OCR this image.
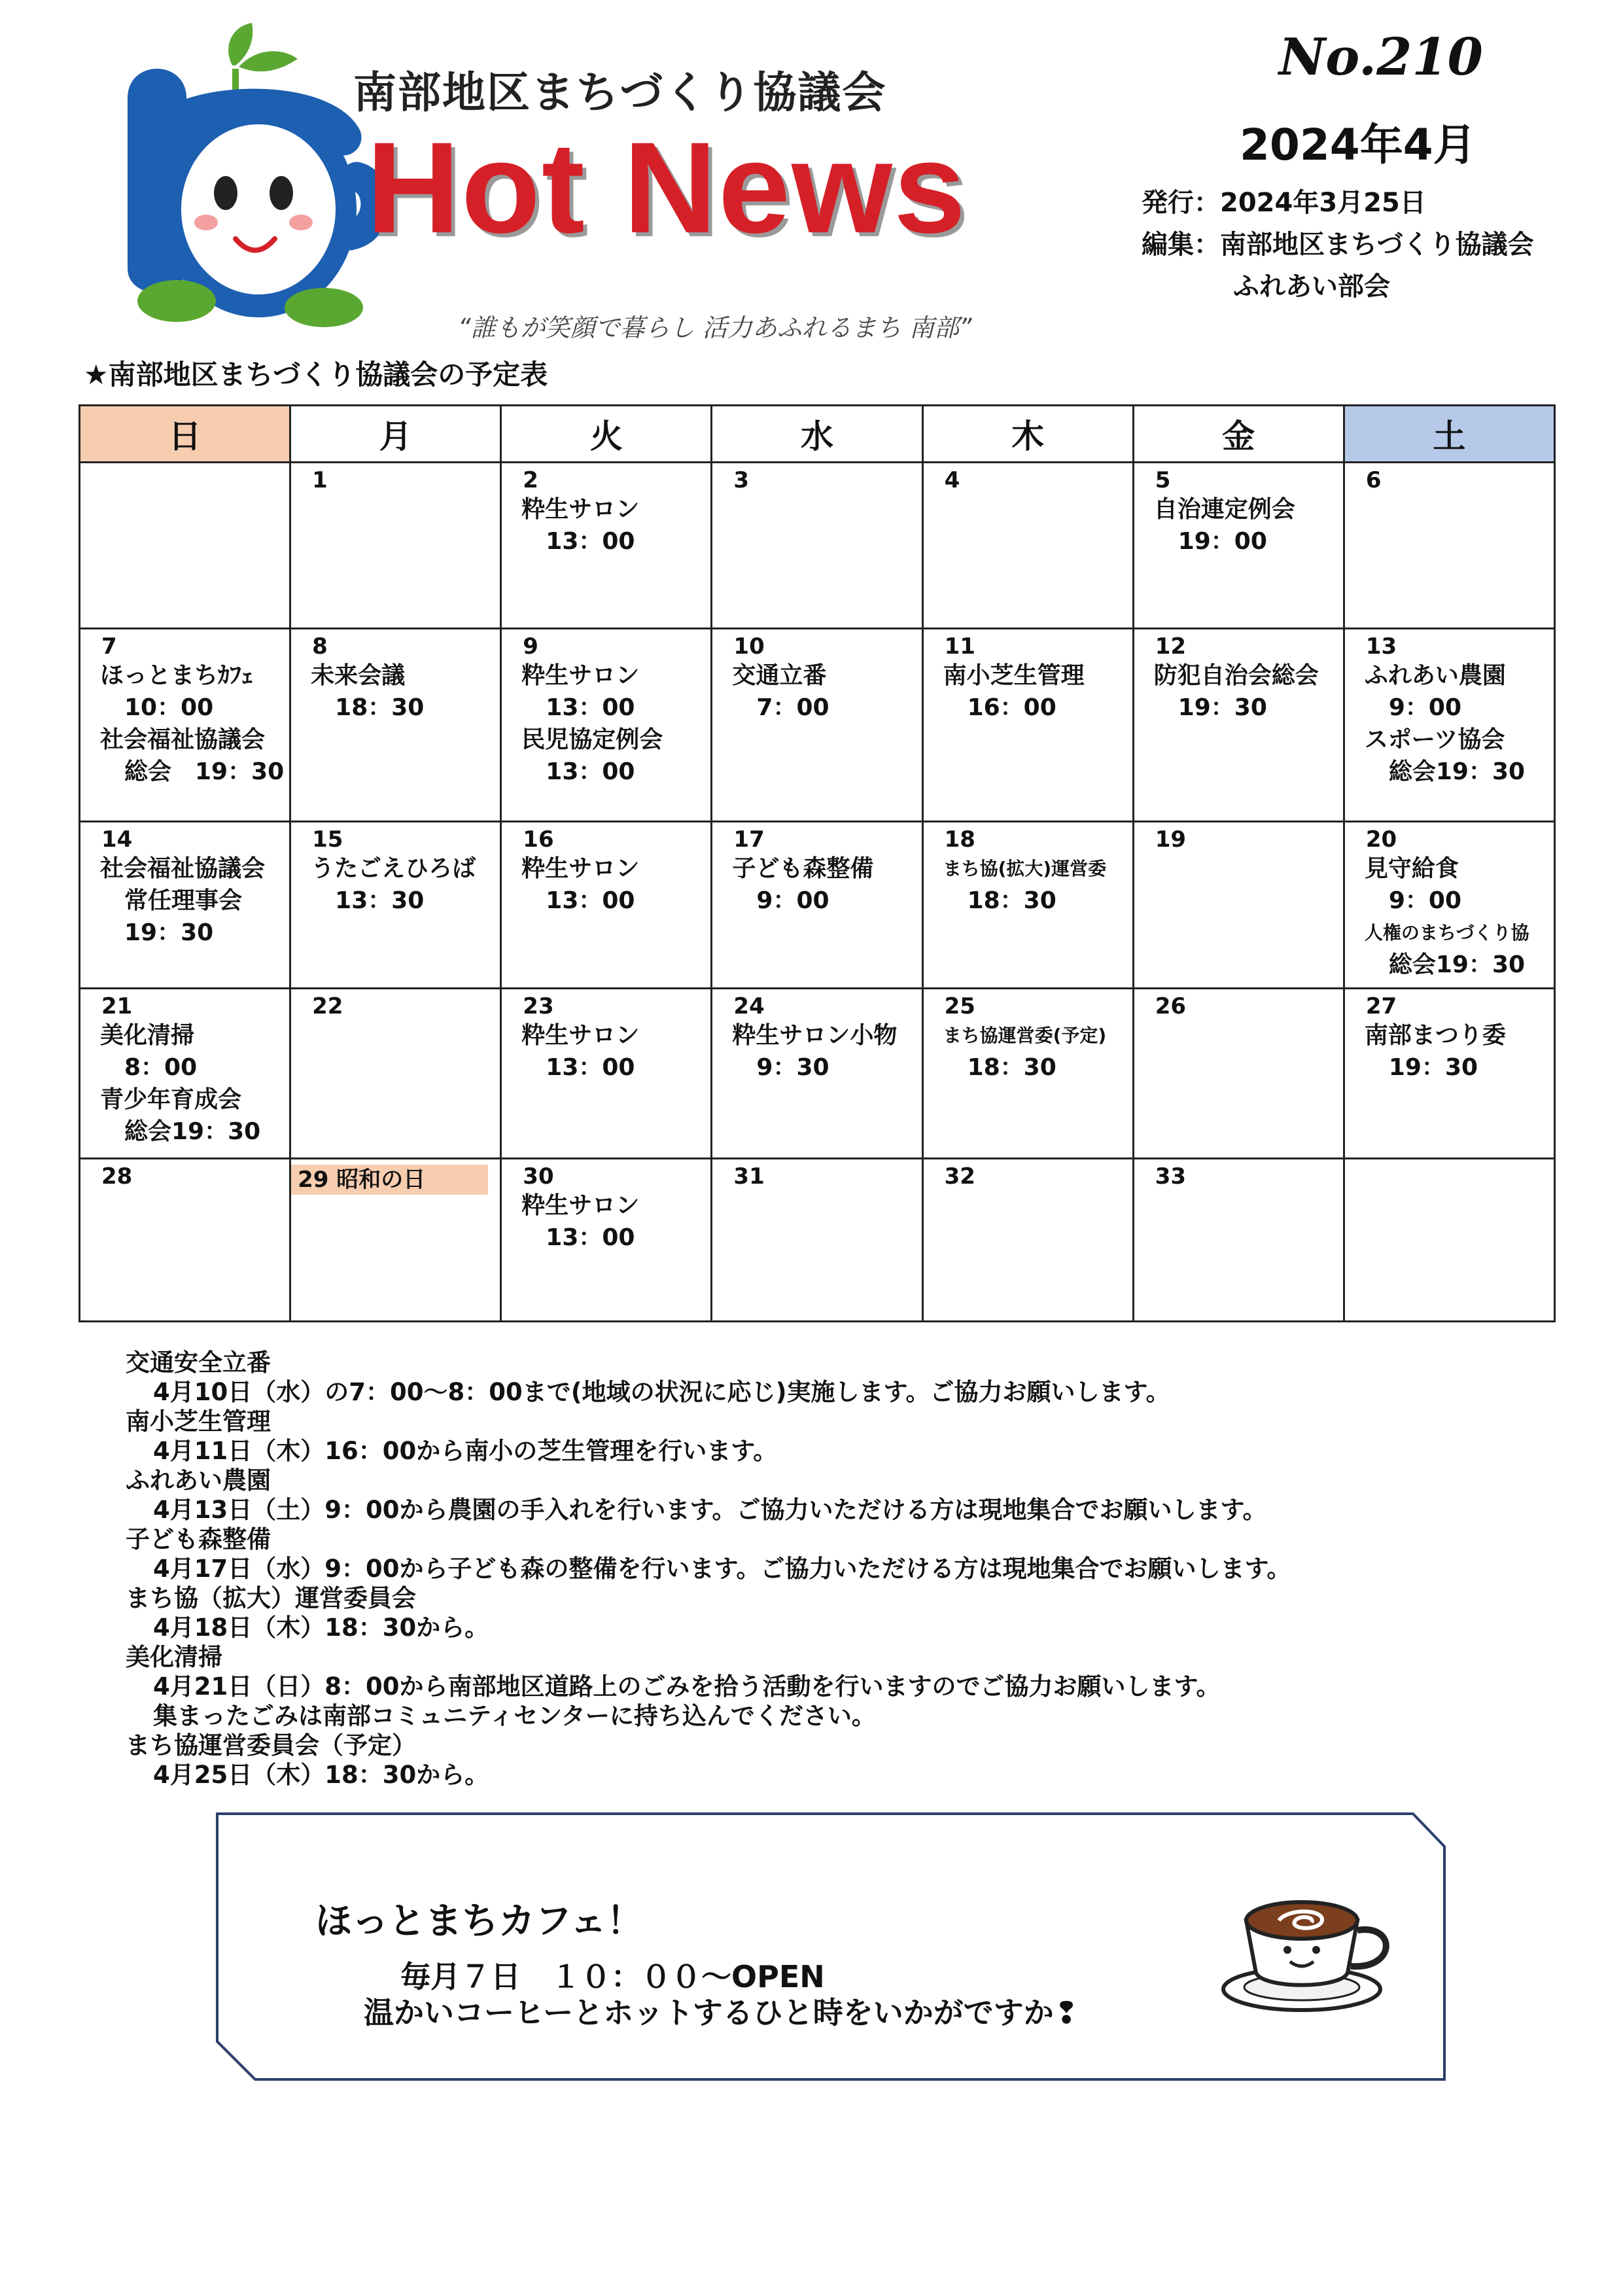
南部地区まちづくり協議会
Hot News
“誰もが笑顔で暮らし 活力あふれるまち 南部”
No.210
2024年4月
発行：2024年3月25日
編集：南部地区まちづくり協議会
ふれあい部会
★南部地区まちづくり協議会の予定表
日	月	火	水	木	金	土

	1	2
粋生サロン
13：00	3	4	5
自治連定例会
19：00	6

7
ほっとまちｶﾌｪ
10：00
社会福祉協議会
総会　19：30	8
未来会議
18：30	9
粋生サロン
13：00
民児協定例会
13：00	10
交通立番
7：00	11
南小芝生管理
16：00	12
防犯自治会総会
19：30	13
ふれあい農園
9：00
スポーツ協会
総会19：30

14
社会福祉協議会
常任理事会
19：30	15
うたごえひろば
13：30	16
粋生サロン
13：00	17
子ども森整備
9：00	18
まち協(拡大)運営委
18：30	19	20
見守給食
9：00
人権のまちづくり協
総会19：30

21
美化清掃
8：00
青少年育成会
総会19：30	22	23
粋生サロン
13：00	24
粋生サロン小物
9：30	25
まち協運営委(予定)
18：30	26	27
南部まつり委
19：30

28	29 昭和の日	30
粋生サロン
13：00	31	32	33	

交通安全立番
4月10日（水）の7：00～8：00まで(地域の状況に応じ)実施します。ご協力お願いします。
南小芝生管理
4月11日（木）16：00から南小の芝生管理を行います。
ふれあい農園
4月13日（土）9：00から農園の手入れを行います。ご協力いただける方は現地集合でお願いします。
子ども森整備
4月17日（水）9：00から子ども森の整備を行います。ご協力いただける方は現地集合でお願いします。
まち協（拡大）運営委員会
4月18日（木）18：30から。
美化清掃
4月21日（日）8：00から南部地区道路上のごみを拾う活動を行いますのでご協力お願いします。
集まったごみは南部コミュニティセンターに持ち込んでください。
まち協運営委員会（予定）
4月25日（木）18：30から。
ほっとまちカフェ！
毎月７日　１０：００～OPEN
温かいコーヒーとホットするひと時をいかがですか❢
